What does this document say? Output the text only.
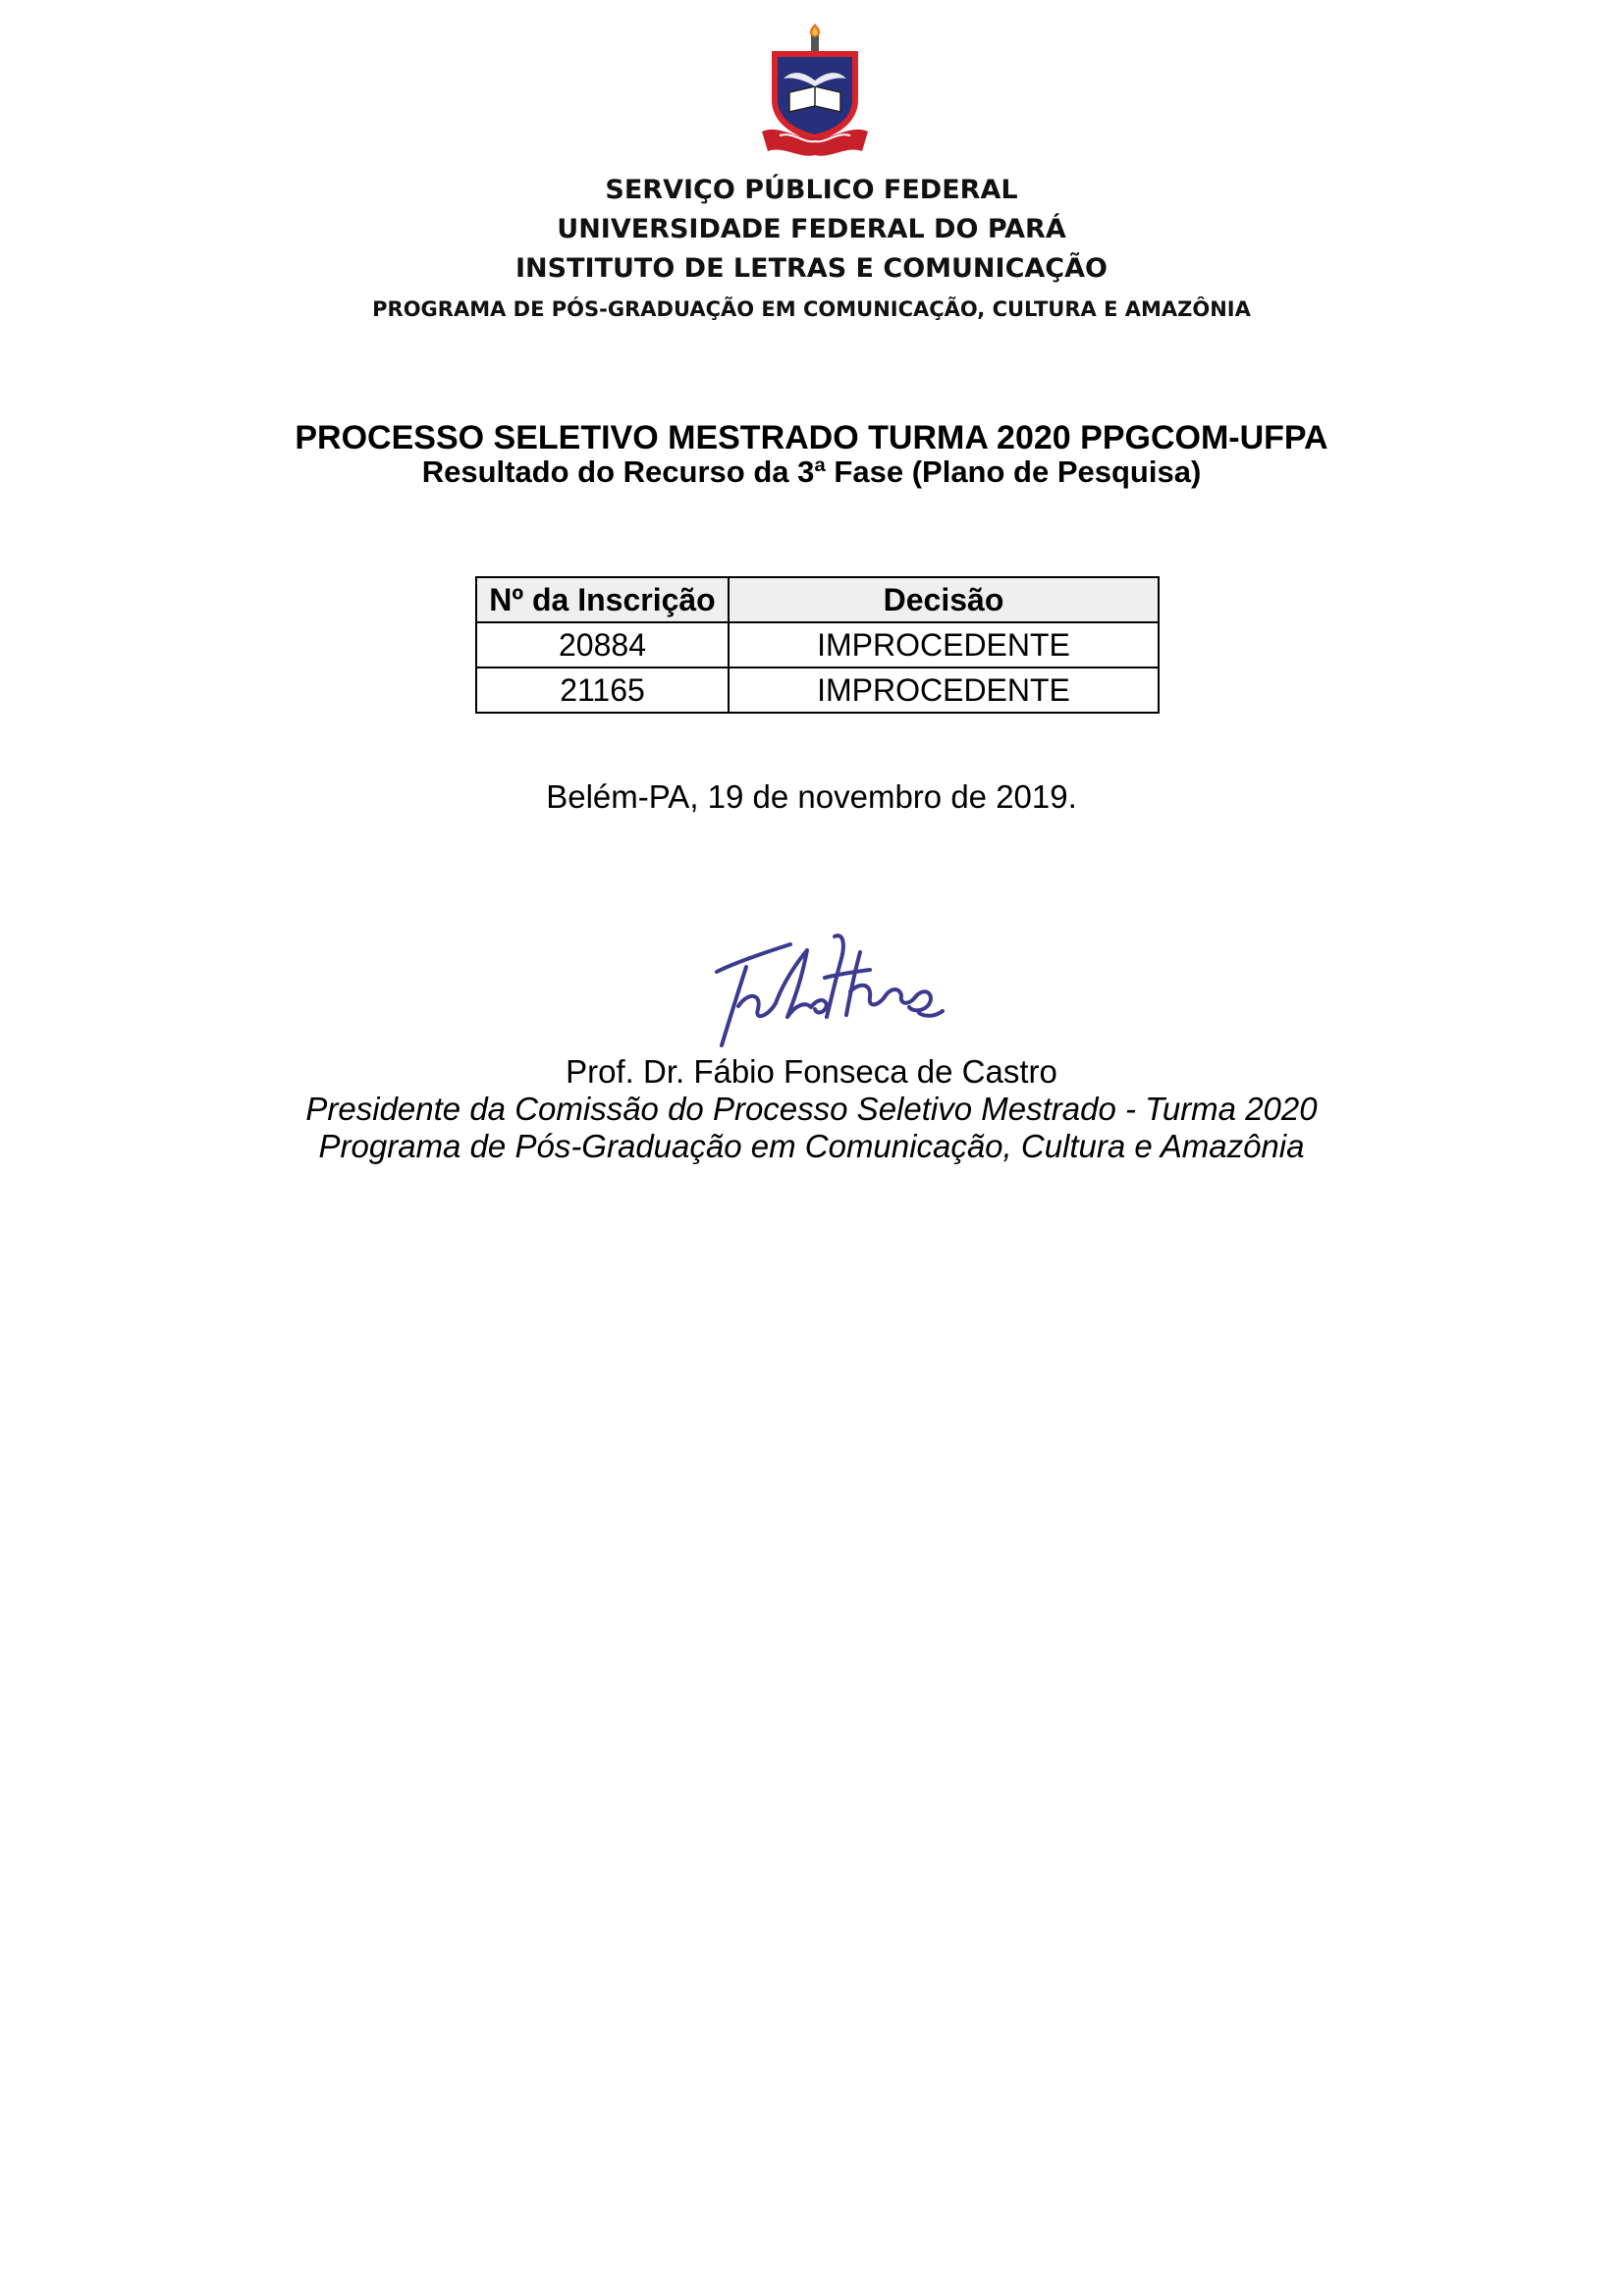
SERVIÇO PÚBLICO FEDERAL
UNIVERSIDADE FEDERAL DO PARÁ
INSTITUTO DE LETRAS E COMUNICAÇÃO
PROGRAMA DE PÓS-GRADUAÇÃO EM COMUNICAÇÃO, CULTURA E AMAZÔNIA
PROCESSO SELETIVO MESTRADO TURMA 2020 PPGCOM-UFPA
Resultado do Recurso da 3ª Fase (Plano de Pesquisa)
Nº da Inscrição	Decisão
20884	IMPROCEDENTE
21165	IMPROCEDENTE
Belém-PA, 19 de novembro de 2019.
Prof. Dr. Fábio Fonseca de Castro
Presidente da Comissão do Processo Seletivo Mestrado - Turma 2020
Programa de Pós-Graduação em Comunicação, Cultura e Amazônia
